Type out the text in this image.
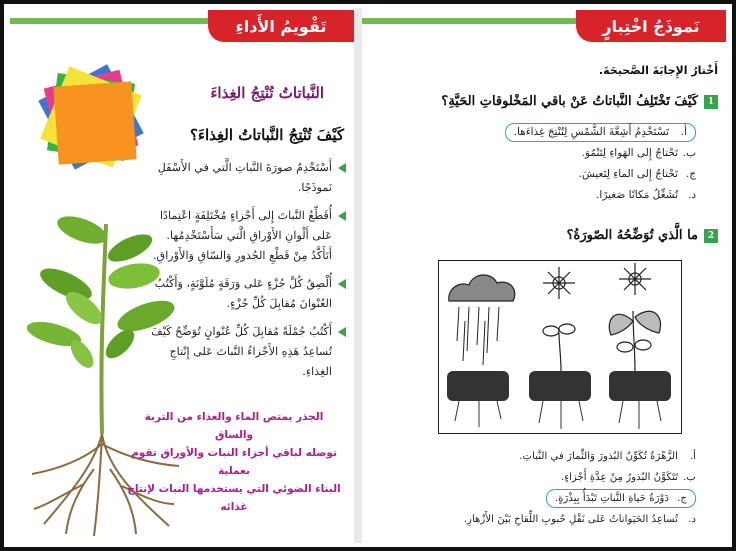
تَقْويمُ الأَداءِ
النَّباتاتُ تُنْتِجُ الغِذاءَ
كَيْفَ تُنْتِجُ النَّباتاتُ الغِذاءَ؟
أَسْتَخْدِمُ صورَةَ النَّباتِ الَّتي في الأَسْفَلِ نَموذَجًا.
أُقَطِّعُ النَّباتَ إِلى أَجْزاءٍ مُخْتَلِفَةٍ اعْتِمادًا عَلى أَلْوانِ الأَوْراقِ الَّتي سَأَسْتَخْدِمُها. أَتَأَكَّدُ مِنْ قَطْعِ الجُذورِ وَالسّاقِ وَالأَوْراقِ.
أُلْصِقُ كُلَّ جُزْءٍ عَلى وَرَقَةٍ مُلَوَّنَةٍ، وَأَكْتُبُ العُنْوانَ مُقابِلَ كُلِّ جُزْءٍ.
أَكْتُبُ جُمْلَةً مُقابِلَ كُلِّ عُنْوانٍ تُوَضِّحُ كَيْفَ تُساعِدُ هَذِهِ الأَجْزاءُ النَّباتَ عَلى إِنْتاجِ الغِذاءِ.
الجذر يمتص الماء والغذاء من التربة والساق
توصله لباقي أجزاء النبات والأوراق تقوم بعملية
البناء الضوئي التي يستخدمها النبات لإنتاج غذائه
نَموذَجُ اخْتِبارٍ
أَخْتارُ الإِجابَةَ الصَّحيحَةَ.
1كَيْفَ تَخْتَلِفُ النَّباتاتُ عَنْ باقي المَخْلوقاتِ الحَيَّةِ؟
أ.تَسْتَخْدِمُ أَشِعَّةَ الشَّمْسِ لِتُنْتِجَ غِذاءَها.
ب.تَحْتاجُ إِلى الهَواءِ لِتَنْمُوَ.
ج.تَحْتاجُ إِلى الماءِ لِتَعيشَ.
د.تُشَغِّلُ مَكانًا صَغيرًا.
2ما الَّذي تُوَضِّحُهُ الصّورَةُ؟
أ.الزَّهْرَةُ تُكَوِّنُ البُذورَ وَالثِّمارَ في النَّباتِ.
ب.تَتَكَوَّنُ البُذورُ مِنْ عِدَّةِ أَجْزاءٍ.
ج.دَوْرَةُ حَياةِ النَّباتِ تَبْدَأُ بِبِذْرَةٍ.
د.تُساعِدُ الحَيَواناتُ عَلى نَقْلِ حُبوبِ اللِّقاحِ بَيْنَ الأَزْهارِ.
